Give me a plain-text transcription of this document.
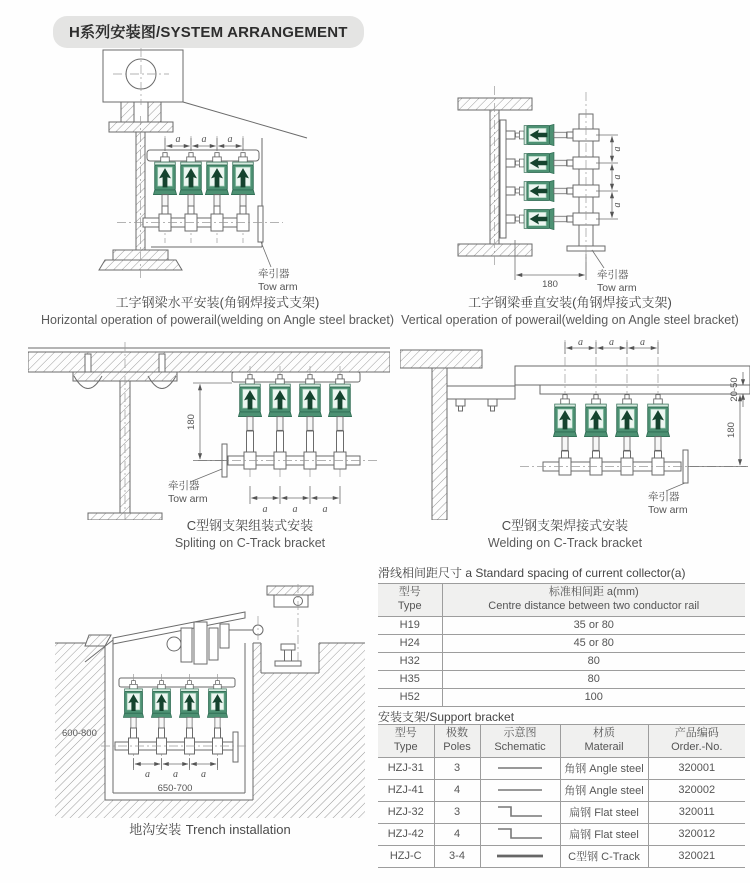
H系列安装图/SYSTEM ARRANGEMENT
a a a
牵引器
Tow arm
工字钢梁水平安装(角钢焊接式支架)
Horizontal operation of powerail(welding on Angle steel bracket)
a
a
a
180
牵引器
Tow arm
工字钢梁垂直安装(角钢焊接式支架)
Vertical operation of powerail(welding on Angle steel bracket)
180
牵引器
Tow arm
a	a	a
C型钢支架组装式安装
Spliting on C-Track bracket
a	a	a
20-50
180
牵引器
Tow arm
C型钢支架焊接式安装
Welding on C-Track bracket
a a a
600-800
650-700
地沟安装 Trench installation
滑线相间距尺寸 a Standard spacing of current collector(a)
型号
Type

标准相间距 a(mm)
Centre distance between two conductor rail

H19	35 or 80
H24	45 or 80
H32	80
H35	80
H52	100
安装支架/Support bracket
型号
Type

极数
Poles

示意图
Schematic

材质
Materail

产品编码
Order.-No.

HZJ-31	3		角钢 Angle steel	320001
HZJ-41	4		角钢 Angle steel	320002
HZJ-32	3		扁钢 Flat steel	320011
HZJ-42	4		扁钢 Flat steel	320012
HZJ-C	3-4		C型钢 C-Track	320021
